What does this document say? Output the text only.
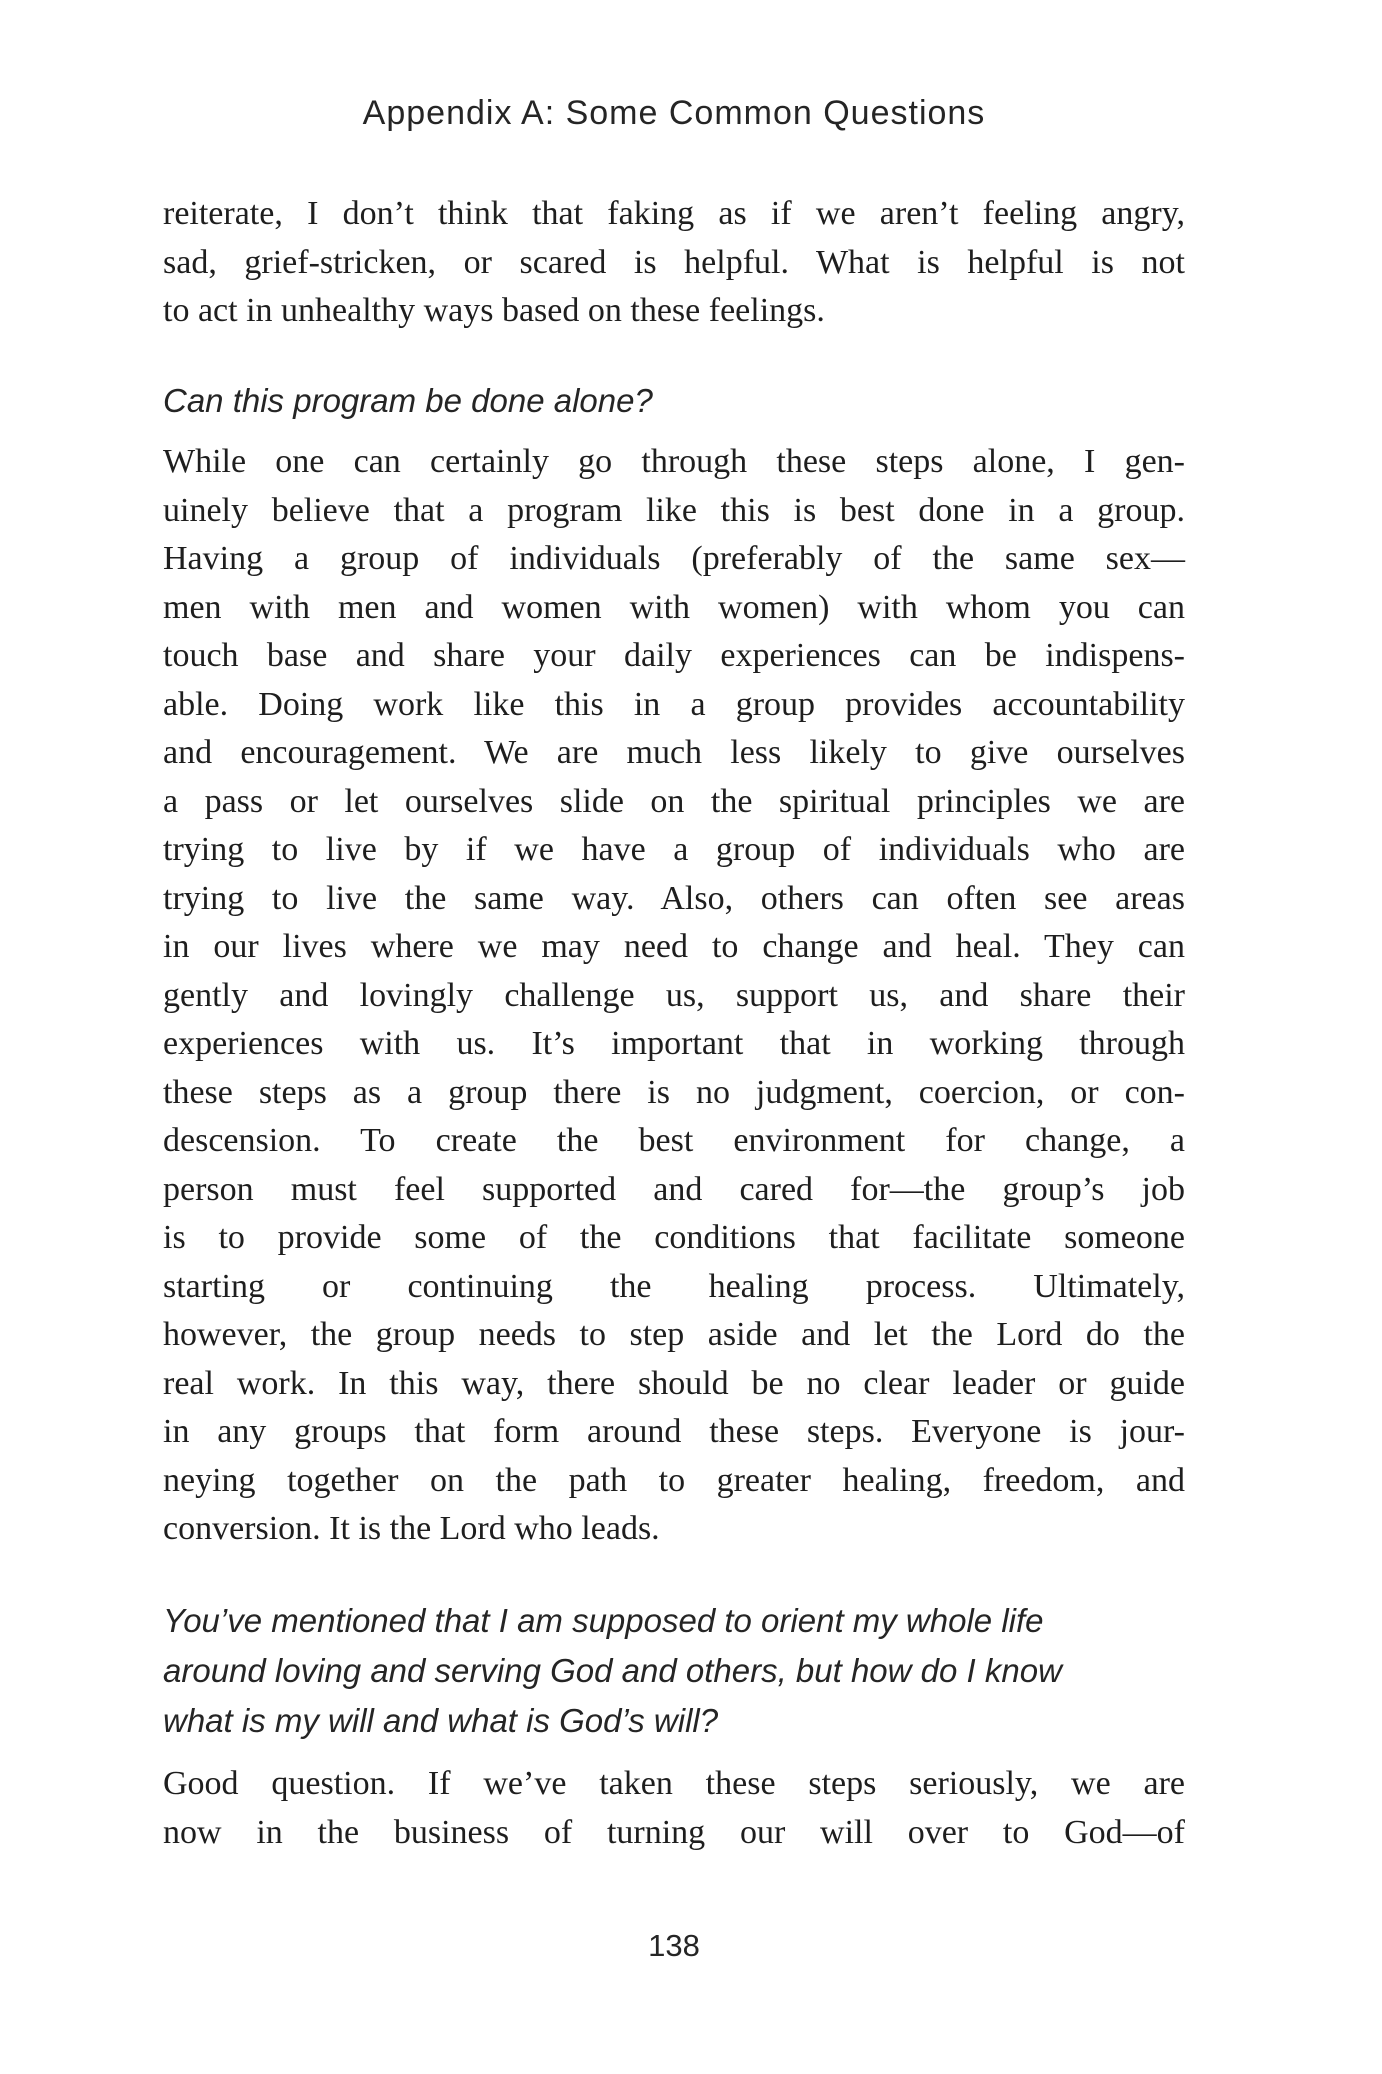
Appendix A: Some Common Questions
reiterate, I don’t think that faking as if we aren’t feeling angry,
sad, grief-stricken, or scared is helpful. What is helpful is not
to act in unhealthy ways based on these feelings.
Can this program be done alone?
While one can certainly go through these steps alone, I gen-
uinely believe that a program like this is best done in a group.
Having a group of individuals (preferably of the same sex—
men with men and women with women) with whom you can
touch base and share your daily experiences can be indispens-
able. Doing work like this in a group provides accountability
and encouragement. We are much less likely to give ourselves
a pass or let ourselves slide on the spiritual principles we are
trying to live by if we have a group of individuals who are
trying to live the same way. Also, others can often see areas
in our lives where we may need to change and heal. They can
gently and lovingly challenge us, support us, and share their
experiences with us. It’s important that in working through
these steps as a group there is no judgment, coercion, or con-
descension. To create the best environment for change, a
person must feel supported and cared for—the group’s job
is to provide some of the conditions that facilitate someone
starting or continuing the healing process. Ultimately,
however, the group needs to step aside and let the Lord do the
real work. In this way, there should be no clear leader or guide
in any groups that form around these steps. Everyone is jour-
neying together on the path to greater healing, freedom, and
conversion. It is the Lord who leads.
You’ve mentioned that I am supposed to orient my whole life
around loving and serving God and others, but how do I know
what is my will and what is God’s will?
Good question. If we’ve taken these steps seriously, we are
now in the business of turning our will over to God—of
138
